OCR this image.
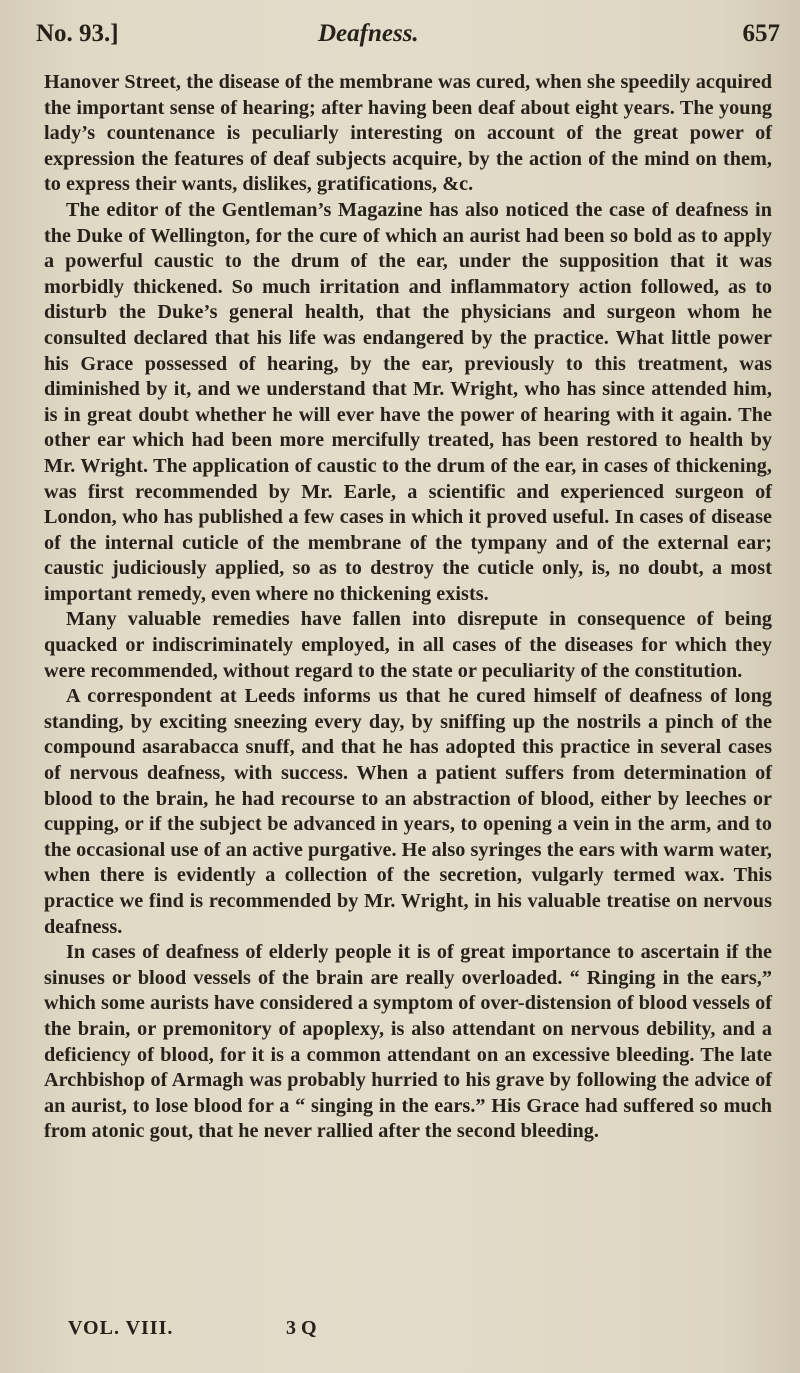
No. 93.]	Deafness.	657

Hanover Street, the disease of the membrane was cured, when she speedily acquired the important sense of hearing; after having been deaf about eight years. The young lady’s countenance is peculiarly interesting on account of the great power of expression the features of deaf subjects acquire, by the action of the mind on them, to express their wants, dislikes, gratifications, &c.

The editor of the Gentleman’s Magazine has also noticed the case of deafness in the Duke of Wellington, for the cure of which an aurist had been so bold as to apply a powerful caustic to the drum of the ear, under the supposition that it was morbidly thickened. So much irritation and inflammatory action followed, as to disturb the Duke’s general health, that the physicians and surgeon whom he consulted declared that his life was endangered by the practice. What little power his Grace possessed of hearing, by the ear, previously to this treatment, was diminished by it, and we understand that Mr. Wright, who has since attended him, is in great doubt whether he will ever have the power of hearing with it again. The other ear which had been more mercifully treated, has been restored to health by Mr. Wright. The application of caustic to the drum of the ear, in cases of thickening, was first recommended by Mr. Earle, a scientific and experienced surgeon of London, who has published a few cases in which it proved useful. In cases of disease of the internal cuticle of the membrane of the tympany and of the external ear; caustic judiciously applied, so as to destroy the cuticle only, is, no doubt, a most important remedy, even where no thickening exists.

Many valuable remedies have fallen into disrepute in consequence of being quacked or indiscriminately employed, in all cases of the diseases for which they were recommended, without regard to the state or peculiarity of the constitution.

A correspondent at Leeds informs us that he cured himself of deafness of long standing, by exciting sneezing every day, by sniffing up the nostrils a pinch of the compound asarabacca snuff, and that he has adopted this practice in several cases of nervous deafness, with success. When a patient suffers from determination of blood to the brain, he had recourse to an abstraction of blood, either by leeches or cupping, or if the subject be advanced in years, to opening a vein in the arm, and to the occasional use of an active purgative. He also syringes the ears with warm water, when there is evidently a collection of the secretion, vulgarly termed wax. This practice we find is recommended by Mr. Wright, in his valuable treatise on nervous deafness.

In cases of deafness of elderly people it is of great importance to ascertain if the sinuses or blood vessels of the brain are really overloaded. “ Ringing in the ears,” which some aurists have considered a symptom of over-distension of blood vessels of the brain, or premonitory of apoplexy, is also attendant on nervous debility, and a deficiency of blood, for it is a common attendant on an excessive bleeding. The late Archbishop of Armagh was probably hurried to his grave by following the advice of an aurist, to lose blood for a “ singing in the ears.” His Grace had suffered so much from atonic gout, that he never rallied after the second bleeding.

VOL. VIII.	3 Q
